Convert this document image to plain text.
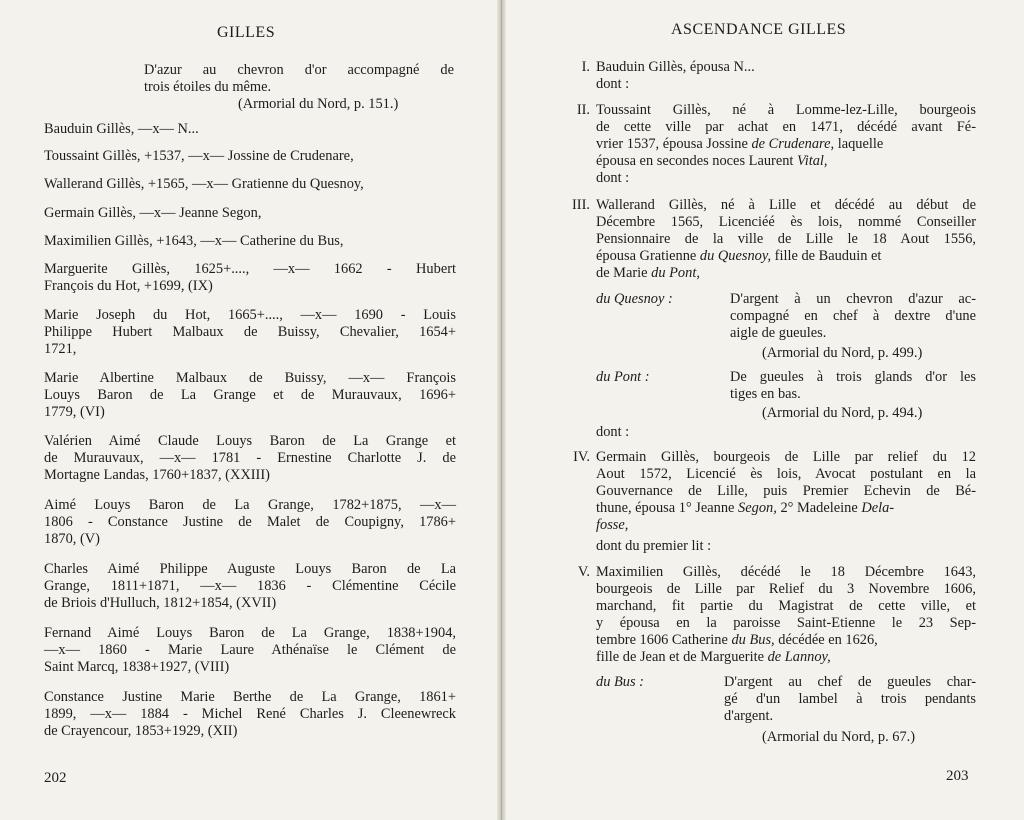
GILLES
D'azur au chevron d'or accompagné de
trois étoiles du même.
(Armorial du Nord, p. 151.)
Bauduin Gillès, —x— N...
Toussaint Gillès, +1537, —x— Jossine de Crudenare,
Wallerand Gillès, +1565, —x— Gratienne du Quesnoy,
Germain Gillès, —x— Jeanne Segon,
Maximilien Gillès, +1643, —x— Catherine du Bus,
Marguerite Gillès, 1625+...., —x— 1662 - Hubert
François du Hot, +1699, (IX)
Marie Joseph du Hot, 1665+...., —x— 1690 - Louis
Philippe Hubert Malbaux de Buissy, Chevalier, 1654+
1721,
Marie Albertine Malbaux de Buissy, —x— François
Louys Baron de La Grange et de Murauvaux, 1696+
1779, (VI)
Valérien Aimé Claude Louys Baron de La Grange et
de Murauvaux, —x— 1781 - Ernestine Charlotte J. de
Mortagne Landas, 1760+1837, (XXIII)
Aimé Louys Baron de La Grange, 1782+1875, —x—
1806 - Constance Justine de Malet de Coupigny, 1786+
1870, (V)
Charles Aimé Philippe Auguste Louys Baron de La
Grange, 1811+1871, —x— 1836 - Clémentine Cécile
de Briois d'Hulluch, 1812+1854, (XVII)
Fernand Aimé Louys Baron de La Grange, 1838+1904,
—x— 1860 - Marie Laure Athénaïse le Clément de
Saint Marcq, 1838+1927, (VIII)
Constance Justine Marie Berthe de La Grange, 1861+
1899, —x— 1884 - Michel René Charles J. Cleenewreck
de Crayencour, 1853+1929, (XII)
202
ASCENDANCE GILLES
I. Bauduin Gillès, épousa N...
dont :
II. Toussaint Gillès, né à Lomme-lez-Lille, bourgeois
de cette ville par achat en 1471, décédé avant Fé-
vrier 1537, épousa Jossine de Crudenare, laquelle
épousa en secondes noces Laurent Vital,
dont :
III. Wallerand Gillès, né à Lille et décédé au début de
Décembre 1565, Licenciéé ès lois, nommé Conseiller
Pensionnaire de la ville de Lille le 18 Aout 1556,
épousa Gratienne du Quesnoy, fille de Bauduin et
de Marie du Pont,
du Quesnoy :	D'argent à un chevron d'azur ac-
compagné en chef à dextre d'une
aigle de gueules.
(Armorial du Nord, p. 499.)
du Pont :	De gueules à trois glands d'or les
tiges en bas.
(Armorial du Nord, p. 494.)
dont :
IV. Germain Gillès, bourgeois de Lille par relief du 12
Aout 1572, Licencié ès lois, Avocat postulant en la
Gouvernance de Lille, puis Premier Echevin de Bé-
thune, épousa 1° Jeanne Segon, 2° Madeleine Dela-
fosse,
dont du premier lit :
V. Maximilien Gillès, décédé le 18 Décembre 1643,
bourgeois de Lille par Relief du 3 Novembre 1606,
marchand, fit partie du Magistrat de cette ville, et
y épousa en la paroisse Saint-Etienne le 23 Sep-
tembre 1606 Catherine du Bus, décédée en 1626,
fille de Jean et de Marguerite de Lannoy,
du Bus :	D'argent au chef de gueules char-
gé d'un lambel à trois pendants
d'argent.
(Armorial du Nord, p. 67.)
203
